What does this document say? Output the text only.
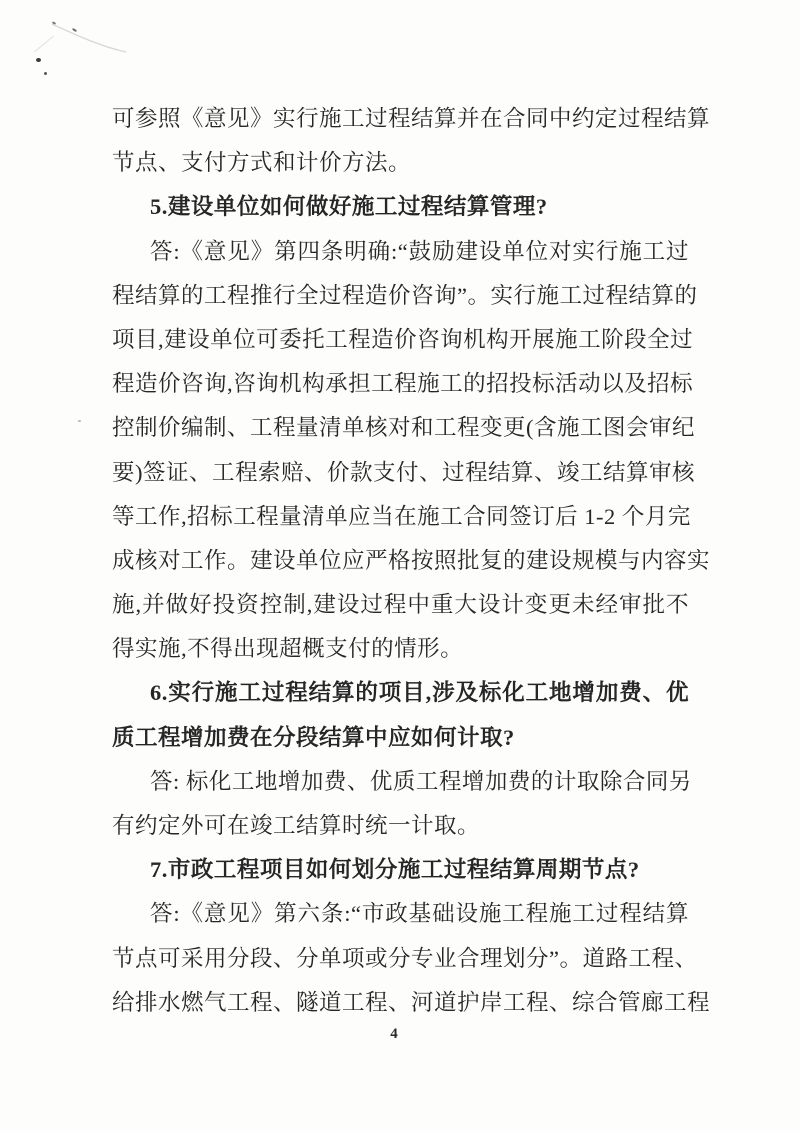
可参照《意见》实行施工过程结算并在合同中约定过程结算
节点、支付方式和计价方法。
5.建设单位如何做好施工过程结算管理?
答:《意见》第四条明确:“鼓励建设单位对实行施工过
程结算的工程推行全过程造价咨询”。实行施工过程结算的
项目,建设单位可委托工程造价咨询机构开展施工阶段全过
程造价咨询,咨询机构承担工程施工的招投标活动以及招标
控制价编制、工程量清单核对和工程变更(含施工图会审纪
要)签证、工程索赔、价款支付、过程结算、竣工结算审核
等工作,招标工程量清单应当在施工合同签订后 1-2 个月完
成核对工作。建设单位应严格按照批复的建设规模与内容实
施,并做好投资控制,建设过程中重大设计变更未经审批不
得实施,不得出现超概支付的情形。
6.实行施工过程结算的项目,涉及标化工地增加费、优
质工程增加费在分段结算中应如何计取?
答: 标化工地增加费、优质工程增加费的计取除合同另
有约定外可在竣工结算时统一计取。
7.市政工程项目如何划分施工过程结算周期节点?
答:《意见》第六条:“市政基础设施工程施工过程结算
节点可采用分段、分单项或分专业合理划分”。道路工程、
给排水燃气工程、隧道工程、河道护岸工程、综合管廊工程
4
